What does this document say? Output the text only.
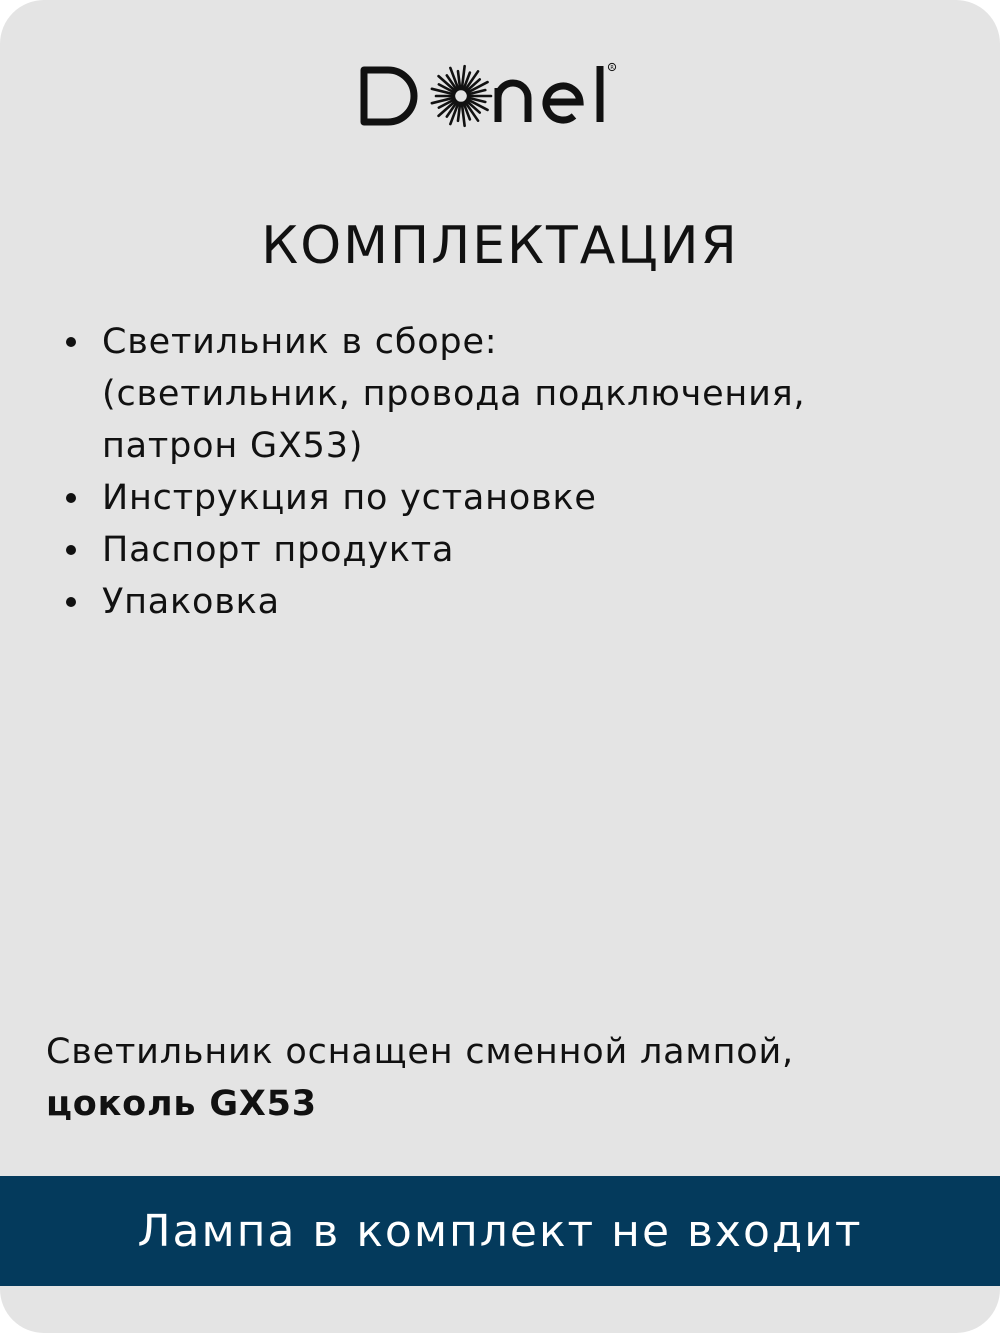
R
КОМПЛЕКТАЦИЯ
Светильник в сборе:
(светильник, провода подключения,
патрон GX53)
Инструкция по установке
Паспорт продукта
Упаковка
Светильник оснащен сменной лампой,
цоколь GX53
Лампа в комплект не входит
